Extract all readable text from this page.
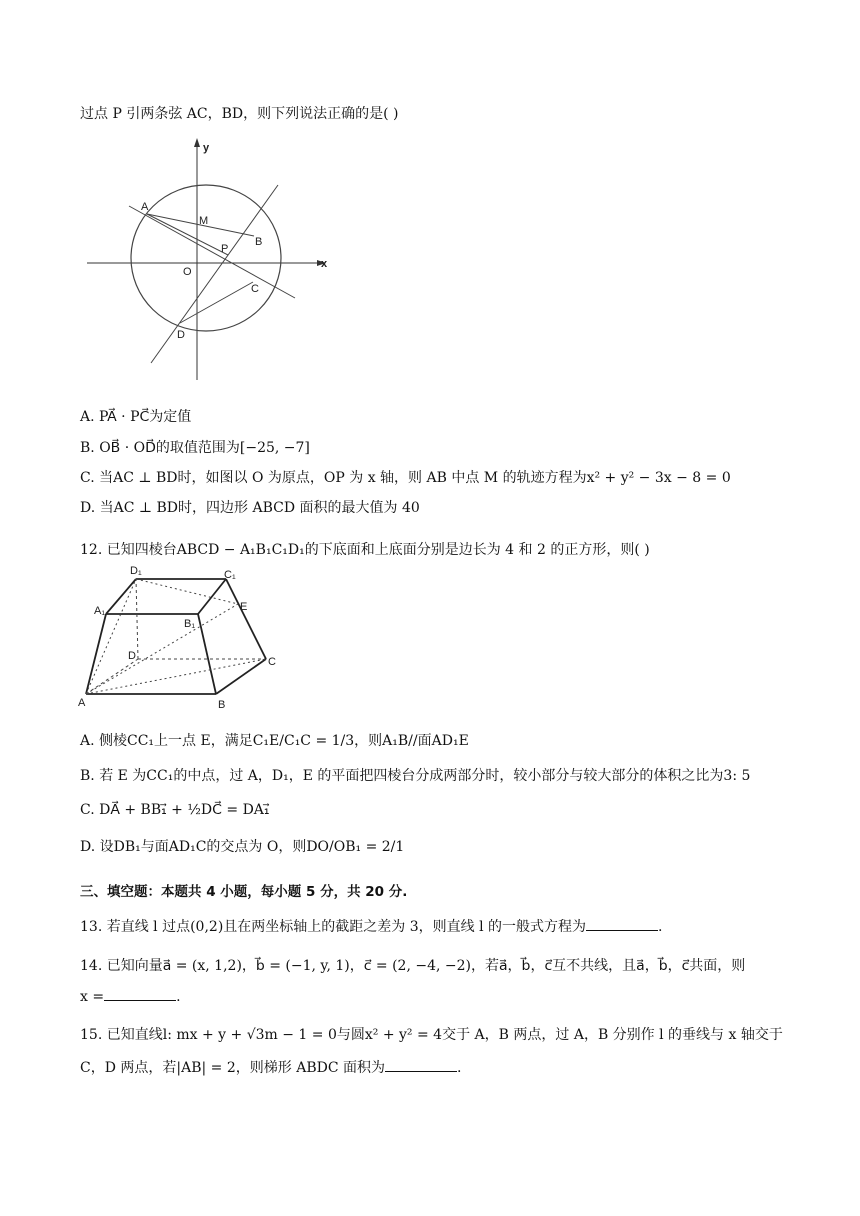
过点 P 引两条弦 AC，BD，则下列说法正确的是( )
y
x
A
M
B
P
O
C
D
A. PA⃗ · PC⃗为定值
B. OB⃗ · OD⃗的取值范围为[−25, −7]
C. 当AC ⊥ BD时，如图以 O 为原点，OP 为 x 轴，则 AB 中点 M 的轨迹方程为x² + y² − 3x − 8 = 0
D. 当AC ⊥ BD时，四边形 ABCD 面积的最大值为 40
12. 已知四棱台ABCD − A₁B₁C₁D₁的下底面和上底面分别是边长为 4 和 2 的正方形，则( )
D₁	C₁
A₁
B₁
E
D	C
A	B
A. 侧棱CC₁上一点 E，满足C₁E/C₁C = 1/3，则A₁B//面AD₁E
B. 若 E 为CC₁的中点，过 A，D₁，E 的平面把四棱台分成两部分时，较小部分与较大部分的体积之比为3: 5
C. DA⃗ + BB₁⃗ + ½DC⃗ = DA₁⃗
D. 设DB₁与面AD₁C的交点为 O，则DO/OB₁ = 2/1
三、填空题：本题共 4 小题，每小题 5 分，共 20 分.
13. 若直线 l 过点(0,2)且在两坐标轴上的截距之差为 3，则直线 l 的一般式方程为	.
14. 已知向量a⃗ = (x, 1,2)，b⃗ = (−1, y, 1)，c⃗ = (2, −4, −2)，若a⃗，b⃗，c⃗互不共线，且a⃗，b⃗，c⃗共面，则
x =	.
15. 已知直线l: mx + y + √3m − 1 = 0与圆x² + y² = 4交于 A，B 两点，过 A，B 分别作 l 的垂线与 x 轴交于
C，D 两点，若|AB| = 2，则梯形 ABDC 面积为	.
